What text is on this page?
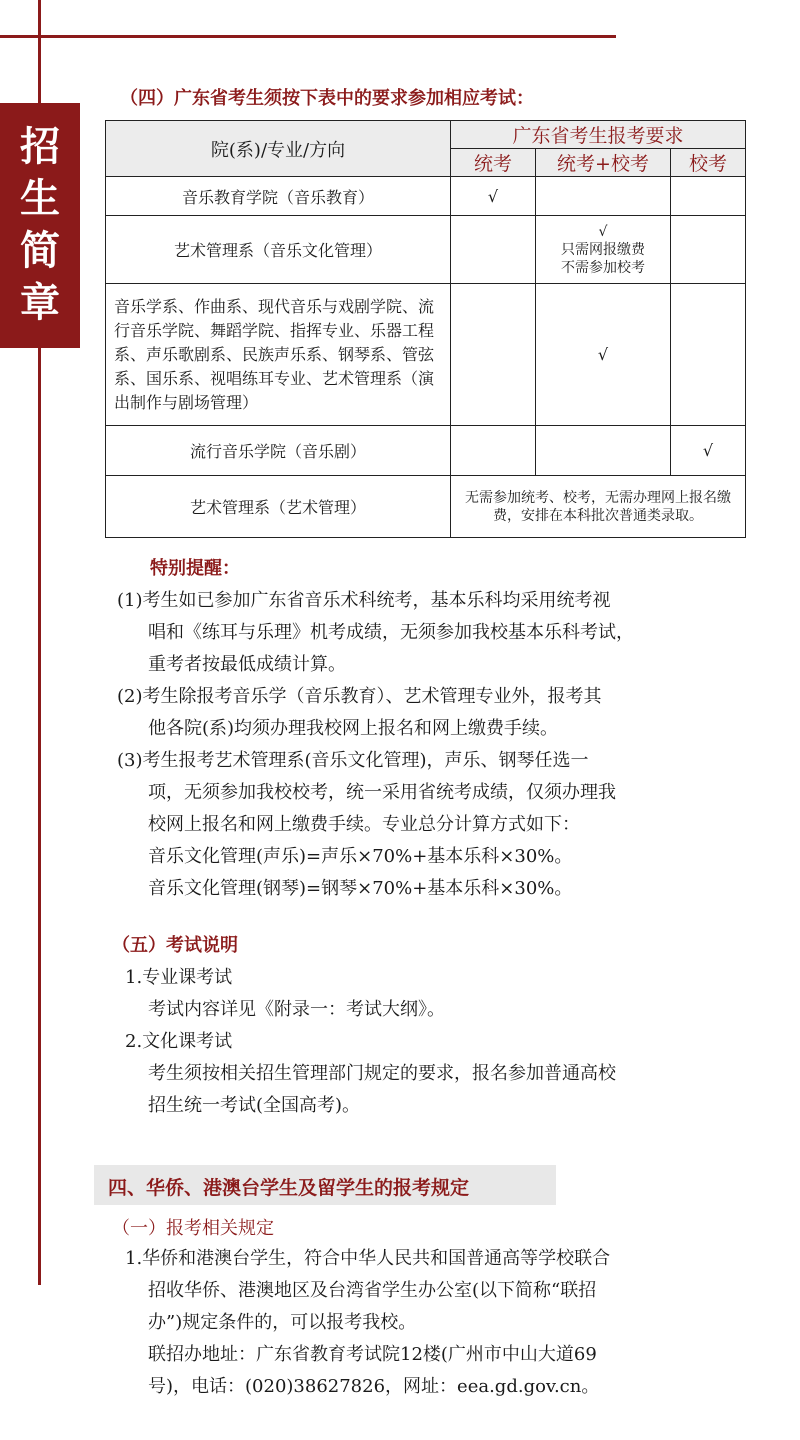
招
生
简
章
（四）广东省考生须按下表中的要求参加相应考试：
院(系)/专业/方向	广东省考生报考要求		
	统考	统考+校考	校考
音乐教育学院（音乐教育）	√		
艺术管理系（音乐文化管理）		√
只需网报缴费
不需参加校考	

音乐学系、作曲系、现代音乐与戏剧学院、流行音乐学院、舞蹈学院、指挥专业、乐器工程系、声乐歌剧系、民族声乐系、钢琴系、管弦系、国乐系、视唱练耳专业、艺术管理系（演出制作与剧场管理）		√	
流行音乐学院（音乐剧）			√
艺术管理系（艺术管理）	无需参加统考、校考，无需办理网上报名缴费，安排在本科批次普通类录取。		
特别提醒：
(1)考生如已参加广东省音乐术科统考，基本乐科均采用统考视
唱和《练耳与乐理》机考成绩，无须参加我校基本乐科考试，
重考者按最低成绩计算。
(2)考生除报考音乐学（音乐教育）、艺术管理专业外，报考其
他各院(系)均须办理我校网上报名和网上缴费手续。
(3)考生报考艺术管理系(音乐文化管理)，声乐、钢琴任选一
项，无须参加我校校考，统一采用省统考成绩，仅须办理我
校网上报名和网上缴费手续。专业总分计算方式如下：
音乐文化管理(声乐)=声乐×70%+基本乐科×30%。
音乐文化管理(钢琴)=钢琴×70%+基本乐科×30%。
（五）考试说明
1.专业课考试
考试内容详见《附录一：考试大纲》。
2.文化课考试
考生须按相关招生管理部门规定的要求，报名参加普通高校
招生统一考试(全国高考)。
四、华侨、港澳台学生及留学生的报考规定
（一）报考相关规定
1.华侨和港澳台学生，符合中华人民共和国普通高等学校联合
招收华侨、港澳地区及台湾省学生办公室(以下简称“联招
办”)规定条件的，可以报考我校。
联招办地址：广东省教育考试院12楼(广州市中山大道69
号)，电话：(020)38627826，网址：eea.gd.gov.cn。
